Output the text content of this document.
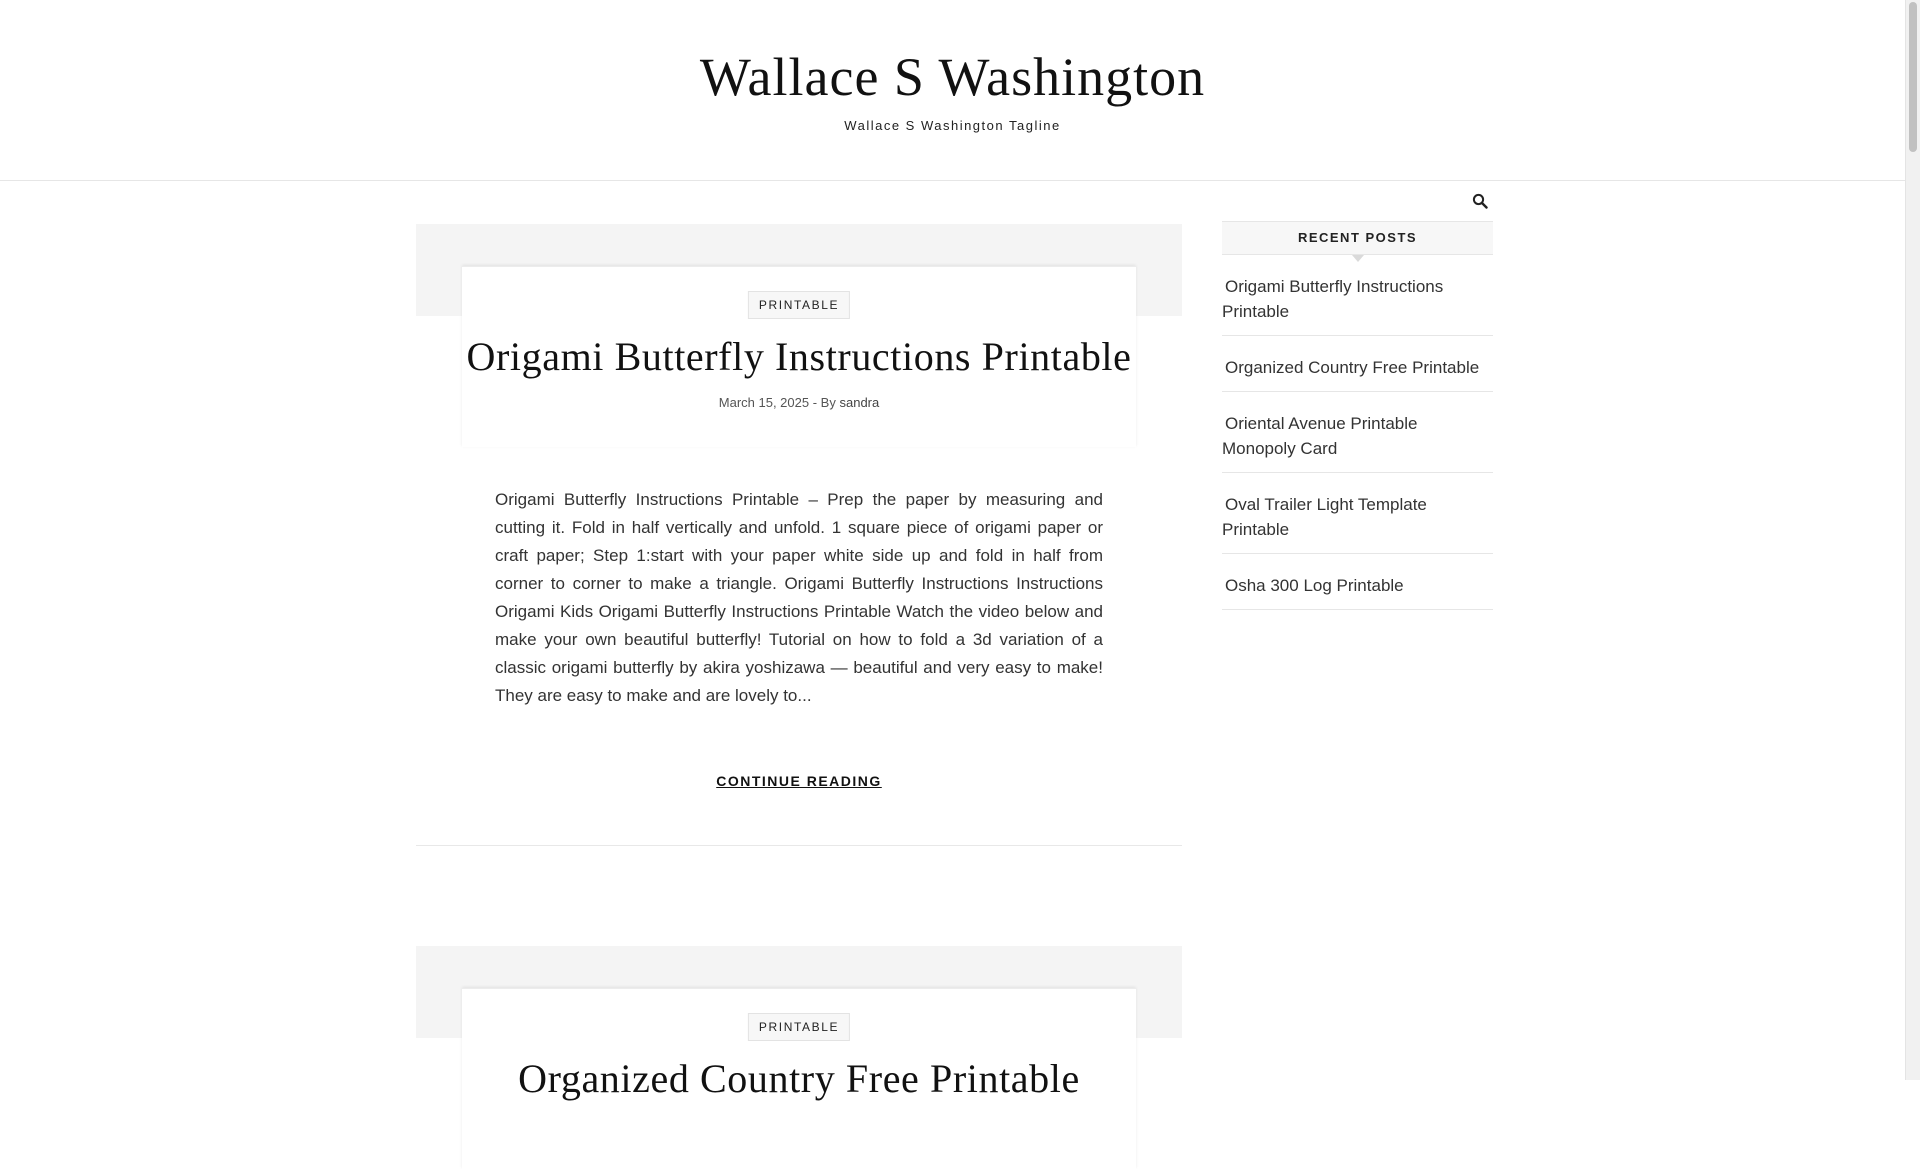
Wallace S Washington
Wallace S Washington Tagline
PRINTABLE
Origami Butterfly Instructions Printable
March 15, 2025 - By sandra

Origami Butterfly Instructions Printable – Prep the paper by measuring and cutting it. Fold in half vertically and unfold. 1 square piece of origami paper or craft paper; Step 1:start with your paper white side up and fold in half from corner to corner to make a triangle. Origami Butterfly Instructions Instructions Origami Kids Origami Butterfly Instructions Printable Watch the video below and make your own beautiful butterfly! Tutorial on how to fold a 3d variation of a classic origami butterfly by akira yoshizawa — beautiful and very easy to make! They are easy to make and are lovely to...

CONTINUE READING
PRINTABLE
Organized Country Free Printable
RECENT POSTS
Origami Butterfly Instructions Printable
Organized Country Free Printable
Oriental Avenue Printable Monopoly Card
Oval Trailer Light Template Printable
Osha 300 Log Printable
